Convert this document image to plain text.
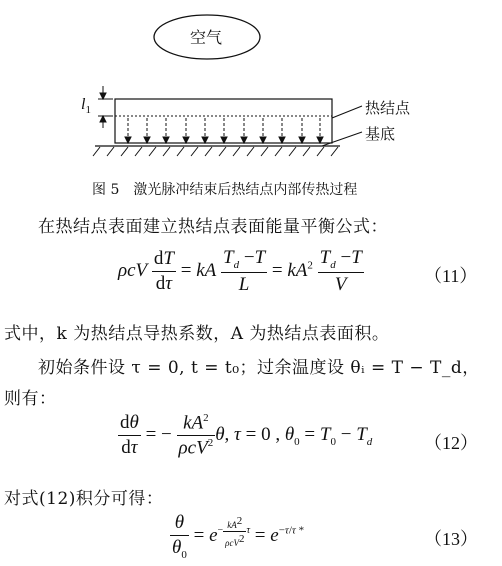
空气
$l_1$	热结点
基底
图 5　激光脉冲结束后热结点内部传热过程
在热结点表面建立热结点表面能量平衡公式：
ρcV $\frac{dT}{d\tau}$ = kA $\frac{T_d -T}{L} = kA^2 \frac{T_d -T}{V}$	（11）
式中，k 为热结点导热系数，A 为热结点表面积。
初始条件设 τ = 0, t = t₀；过余温度设 θᵢ = T − T_d，
则有：
$\frac{d\theta}{d\tau}$ = − $\frac{kA^2}{\rho cV^2} \theta$, τ = 0 , $\theta_0 = T_0 - T_d$	（12）
对式(12)积分可得：
$\frac{\theta}{\theta_0} = e^{- \frac{kA^2}{\rho cV^2} \tau} = e^{-\tau/\tau *}$	（13）
